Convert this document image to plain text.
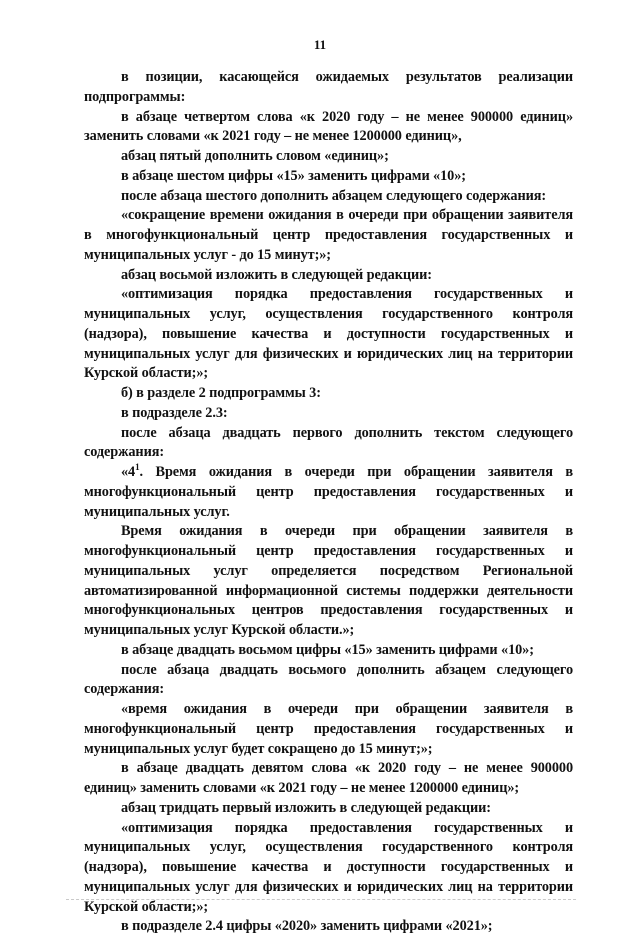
11

в позиции, касающейся ожидаемых результатов реализации подпрограммы:

в абзаце четвертом слова «к 2020 году – не менее 900000 единиц» заменить словами «к 2021 году – не менее 1200000 единиц»,

абзац пятый дополнить словом «единиц»;

в абзаце шестом цифры «15» заменить цифрами «10»;

после абзаца шестого дополнить абзацем следующего содержания:

«сокращение времени ожидания в очереди при обращении заявителя в многофункциональный центр предоставления государственных и муниципальных услуг - до 15 минут;»;

абзац восьмой изложить в следующей редакции:

«оптимизация порядка предоставления государственных и муниципальных услуг, осуществления государственного контроля (надзора), повышение качества и доступности государственных и муниципальных услуг для физических и юридических лиц на территории Курской области;»;

б) в разделе 2 подпрограммы 3:

в подразделе 2.3:

после абзаца двадцать первого дополнить текстом следующего содержания:

«$4^1$. Время ожидания в очереди при обращении заявителя в многофункциональный центр предоставления государственных и муниципальных услуг.

Время ожидания в очереди при обращении заявителя в многофункциональный центр предоставления государственных и муниципальных услуг определяется посредством Региональной автоматизированной информационной системы поддержки деятельности многофункциональных центров предоставления государственных и муниципальных услуг Курской области.»;

в абзаце двадцать восьмом цифры «15» заменить цифрами «10»;

после абзаца двадцать восьмого дополнить абзацем следующего содержания:

«время ожидания в очереди при обращении заявителя в многофункциональный центр предоставления государственных и муниципальных услуг будет сокращено до 15 минут;»;

в абзаце двадцать девятом слова «к 2020 году – не менее 900000 единиц» заменить словами «к 2021 году – не менее 1200000 единиц»;

абзац тридцать первый изложить в следующей редакции:

«оптимизация порядка предоставления государственных и муниципальных услуг, осуществления государственного контроля (надзора), повышение качества и доступности государственных и муниципальных услуг для физических и юридических лиц на территории Курской области;»;

в подразделе 2.4 цифры «2020» заменить цифрами «2021»;
